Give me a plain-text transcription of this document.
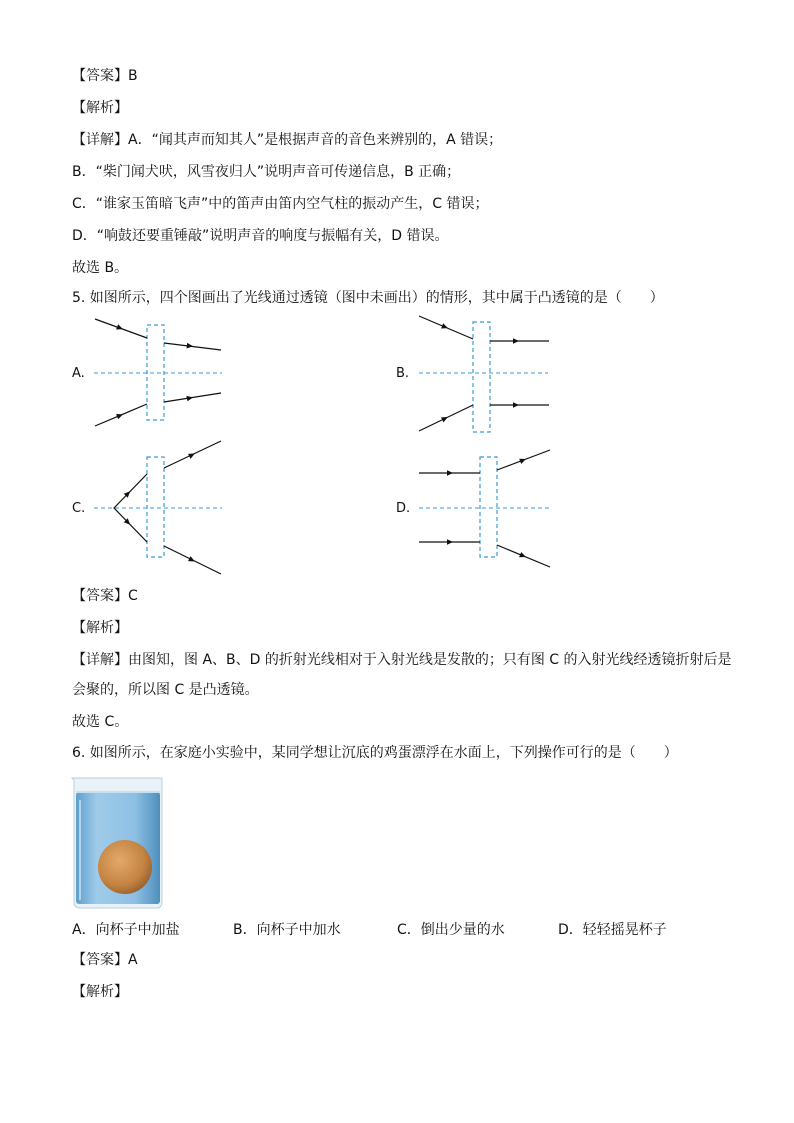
【 答案 】 B
【 解析 】
【 详解 】 A．“闻其声而知其人”是根据声音的音色来辨别的，A 错误；
B．“柴门闻犬吠，风雪夜归人”说明声音可传递信息，B 正确；
C．“谁家玉笛暗飞声”中的笛声由笛内空气柱的振动产生，C 错误；
D．“响鼓还要重锤敲”说明声音的响度与振幅有关，D 错误。
故选 B。
5. 如图所示，四个图画出了光线通过透镜（图中未画出）的情形，其中属于凸透镜的是（　　）
A.	B.
C.	D.
【 答案 】 C
【 解析 】
【 详解 】 由图知，图 A、B、D 的折射光线相对于入射光线是发散的；只有图 C 的入射光线经透镜折射后是
会聚的，所以图 C 是凸透镜。
故选 C。
6. 如图所示，在家庭小实验中，某同学想让沉底的鸡蛋漂浮在水面上，下列操作可行的是（　　）
A．向杯子中加盐	B．向杯子中加水	C．倒出少量的水	D．轻轻摇晃杯子
【 答案 】 A
【 解析 】
